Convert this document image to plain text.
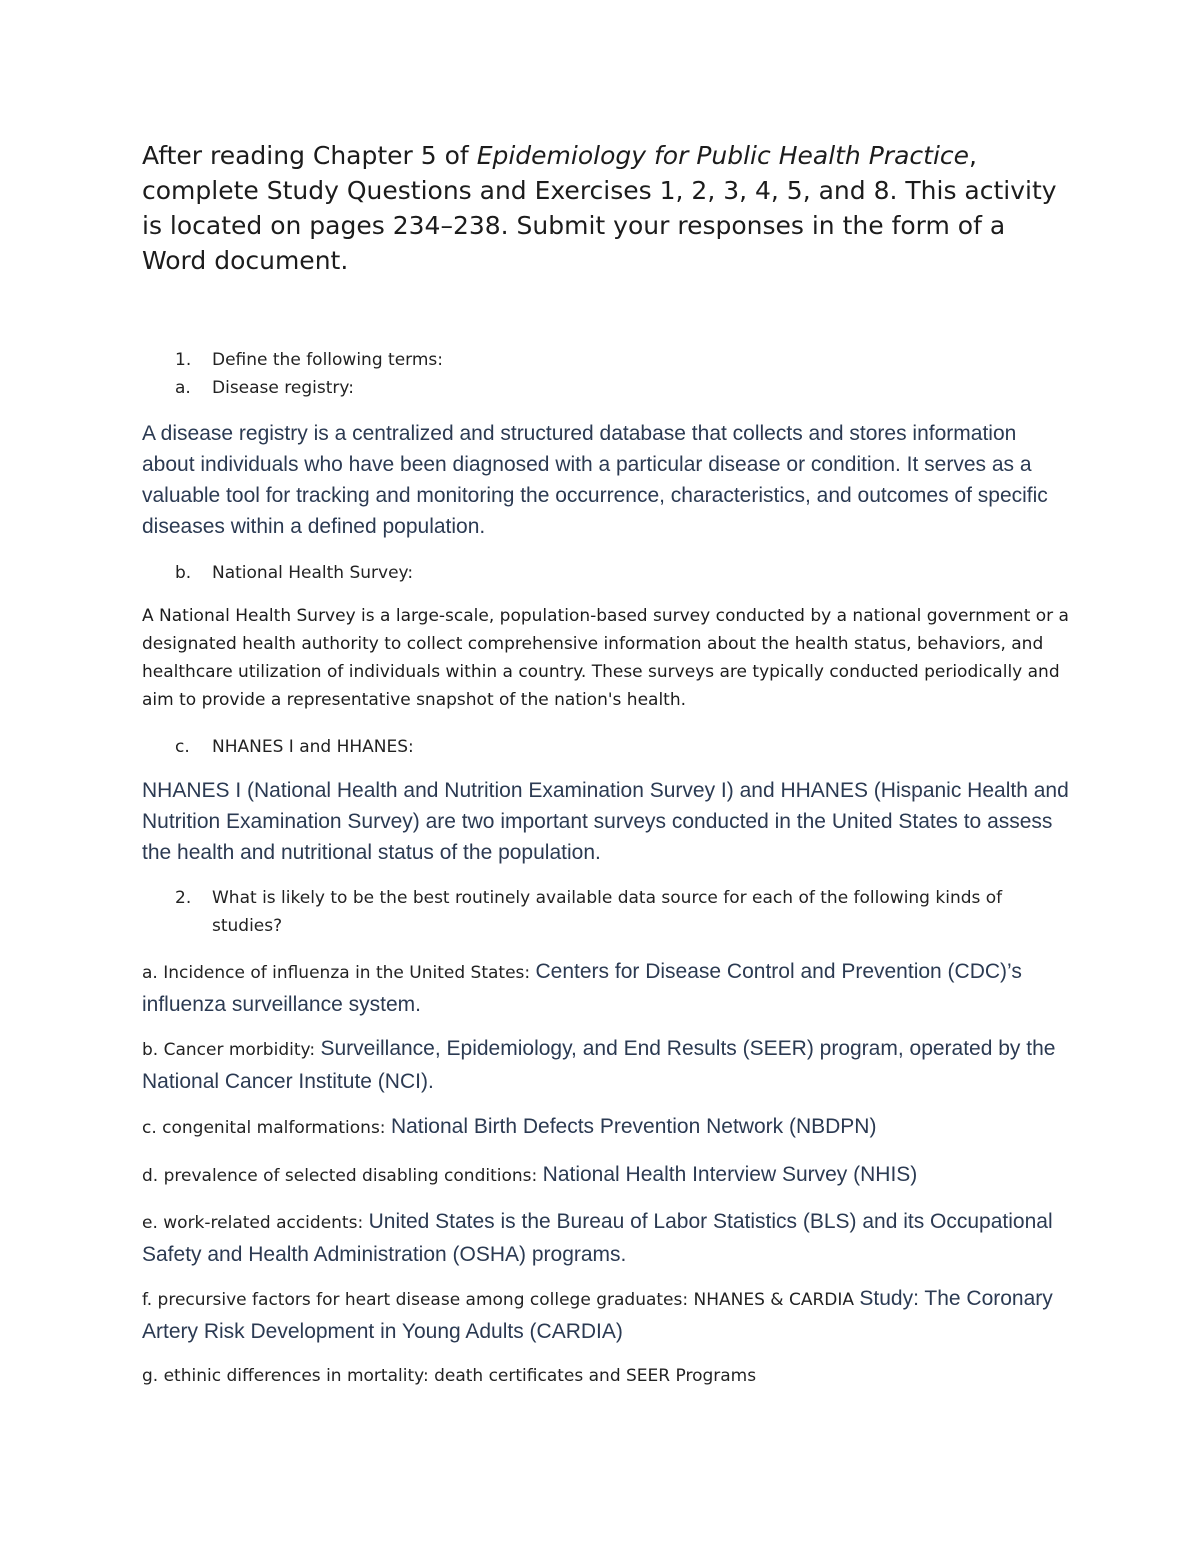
After reading Chapter 5 of Epidemiology for Public Health Practice, complete Study Questions and Exercises 1, 2, 3, 4, 5, and 8. This activity is located on pages 234–238. Submit your responses in the form of a Word document.

1.	Define the following terms:
a.	Disease registry:

A disease registry is a centralized and structured database that collects and stores information about individuals who have been diagnosed with a particular disease or condition. It serves as a valuable tool for tracking and monitoring the occurrence, characteristics, and outcomes of specific diseases within a defined population.

b.	National Health Survey:

A National Health Survey is a large-scale, population-based survey conducted by a national government or a designated health authority to collect comprehensive information about the health status, behaviors, and healthcare utilization of individuals within a country. These surveys are typically conducted periodically and aim to provide a representative snapshot of the nation's health.

c.	NHANES I and HHANES:

NHANES I (National Health and Nutrition Examination Survey I) and HHANES (Hispanic Health and Nutrition Examination Survey) are two important surveys conducted in the United States to assess the health and nutritional status of the population.

2.	What is likely to be the best routinely available data source for each of the following kinds of studies?

a. Incidence of influenza in the United States: Centers for Disease Control and Prevention (CDC)’s influenza surveillance system.

b. Cancer morbidity: Surveillance, Epidemiology, and End Results (SEER) program, operated by the National Cancer Institute (NCI).

c. congenital malformations: National Birth Defects Prevention Network (NBDPN)

d. prevalence of selected disabling conditions: National Health Interview Survey (NHIS)

e. work-related accidents: United States is the Bureau of Labor Statistics (BLS) and its Occupational Safety and Health Administration (OSHA) programs.

f. precursive factors for heart disease among college graduates: NHANES & CARDIA Study: The Coronary Artery Risk Development in Young Adults (CARDIA)

g. ethinic differences in mortality: death certificates and SEER Programs
